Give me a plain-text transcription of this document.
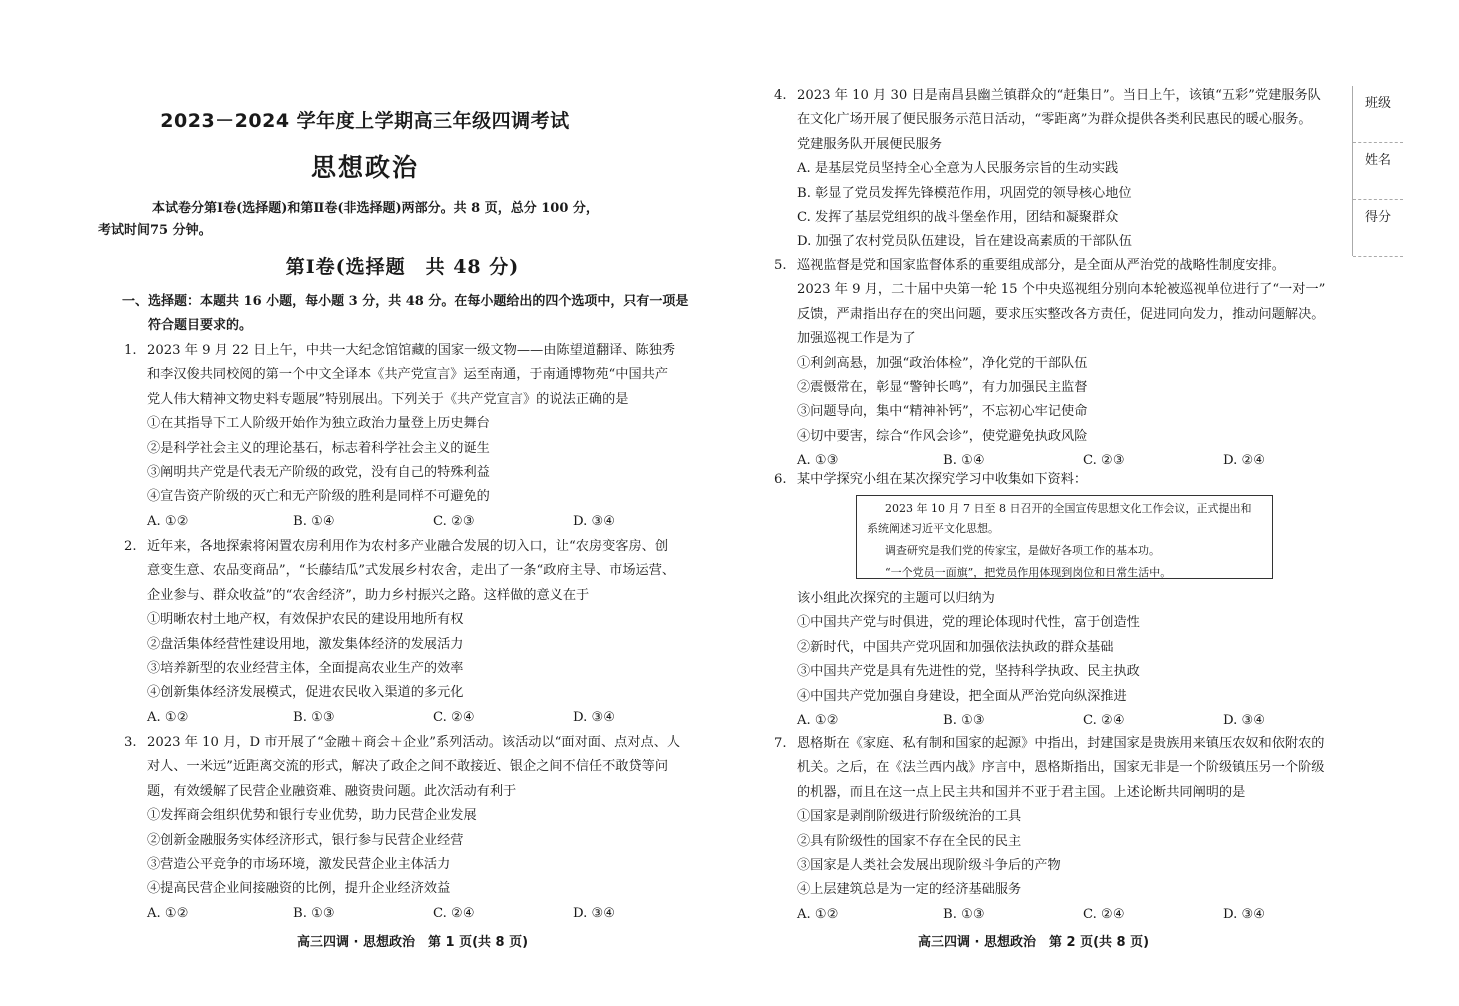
2023－2024 学年度上学期高三年级四调考试
思想政治
本试卷分第Ⅰ卷(选择题)和第Ⅱ卷(非选择题)两部分。共 8 页，总分 100 分，
考试时间75 分钟。
第Ⅰ卷(选择题　共 48 分)
一、选择题：本题共 16 小题，每小题 3 分，共 48 分。在每小题给出的四个选项中，只有一项是
符合题目要求的。
1. 2023 年 9 月 22 日上午，中共一大纪念馆馆藏的国家一级文物——由陈望道翻译、陈独秀
和李汉俊共同校阅的第一个中文全译本《共产党宣言》运至南通，于南通博物苑“中国共产
党人伟大精神文物史料专题展”特别展出。下列关于《共产党宣言》的说法正确的是
①在其指导下工人阶级开始作为独立政治力量登上历史舞台
②是科学社会主义的理论基石，标志着科学社会主义的诞生
③阐明共产党是代表无产阶级的政党，没有自己的特殊利益
④宣告资产阶级的灭亡和无产阶级的胜利是同样不可避免的
A. ①②	B. ①④	C. ②③	D. ③④
2. 近年来，各地探索将闲置农房利用作为农村多产业融合发展的切入口，让“农房变客房、创
意变生意、农品变商品”，“长藤结瓜”式发展乡村农舍，走出了一条“政府主导、市场运营、
企业参与、群众收益”的“农舍经济”，助力乡村振兴之路。这样做的意义在于
①明晰农村土地产权，有效保护农民的建设用地所有权
②盘活集体经营性建设用地，激发集体经济的发展活力
③培养新型的农业经营主体，全面提高农业生产的效率
④创新集体经济发展模式，促进农民收入渠道的多元化
A. ①②	B. ①③	C. ②④	D. ③④
3. 2023 年 10 月，D 市开展了“金融＋商会＋企业”系列活动。该活动以“面对面、点对点、人
对人、一米远”近距离交流的形式，解决了政企之间不敢接近、银企之间不信任不敢贷等问
题，有效缓解了民营企业融资难、融资贵问题。此次活动有利于
①发挥商会组织优势和银行专业优势，助力民营企业发展
②创新金融服务实体经济形式，银行参与民营企业经营
③营造公平竞争的市场环境，激发民营企业主体活力
④提高民营企业间接融资的比例，提升企业经济效益
A. ①②	B. ①③	C. ②④	D. ③④
高三四调 · 思想政治　第 1 页(共 8 页)
4. 2023 年 10 月 30 日是南昌县幽兰镇群众的“赶集日”。当日上午，该镇“五彩”党建服务队
在文化广场开展了便民服务示范日活动，“零距离”为群众提供各类利民惠民的暖心服务。
党建服务队开展便民服务
A. 是基层党员坚持全心全意为人民服务宗旨的生动实践
B. 彰显了党员发挥先锋模范作用，巩固党的领导核心地位
C. 发挥了基层党组织的战斗堡垒作用，团结和凝聚群众
D. 加强了农村党员队伍建设，旨在建设高素质的干部队伍
5. 巡视监督是党和国家监督体系的重要组成部分，是全面从严治党的战略性制度安排。
2023 年 9 月，二十届中央第一轮 15 个中央巡视组分别向本轮被巡视单位进行了“一对一”
反馈，严肃指出存在的突出问题，要求压实整改各方责任，促进同向发力，推动问题解决。
加强巡视工作是为了
①利剑高悬，加强“政治体检”，净化党的干部队伍
②震慑常在，彰显“警钟长鸣”，有力加强民主监督
③问题导向，集中“精神补钙”，不忘初心牢记使命
④切中要害，综合“作风会诊”，使党避免执政风险
A. ①③	B. ①④	C. ②③	D. ②④
6. 某中学探究小组在某次探究学习中收集如下资料：
2023 年 10 月 7 日至 8 日召开的全国宣传思想文化工作会议，正式提出和
系统阐述习近平文化思想。
调查研究是我们党的传家宝，是做好各项工作的基本功。
“一个党员一面旗”，把党员作用体现到岗位和日常生活中。
该小组此次探究的主题可以归纳为
①中国共产党与时俱进，党的理论体现时代性，富于创造性
②新时代，中国共产党巩固和加强依法执政的群众基础
③中国共产党是具有先进性的党，坚持科学执政、民主执政
④中国共产党加强自身建设，把全面从严治党向纵深推进
A. ①②	B. ①③	C. ②④	D. ③④
7. 恩格斯在《家庭、私有制和国家的起源》中指出，封建国家是贵族用来镇压农奴和依附农的
机关。之后，在《法兰西内战》序言中，恩格斯指出，国家无非是一个阶级镇压另一个阶级
的机器，而且在这一点上民主共和国并不亚于君主国。上述论断共同阐明的是
①国家是剥削阶级进行阶级统治的工具
②具有阶级性的国家不存在全民的民主
③国家是人类社会发展出现阶级斗争后的产物
④上层建筑总是为一定的经济基础服务
A. ①②	B. ①③	C. ②④	D. ③④
高三四调 · 思想政治　第 2 页(共 8 页)
班级
姓名
得分
